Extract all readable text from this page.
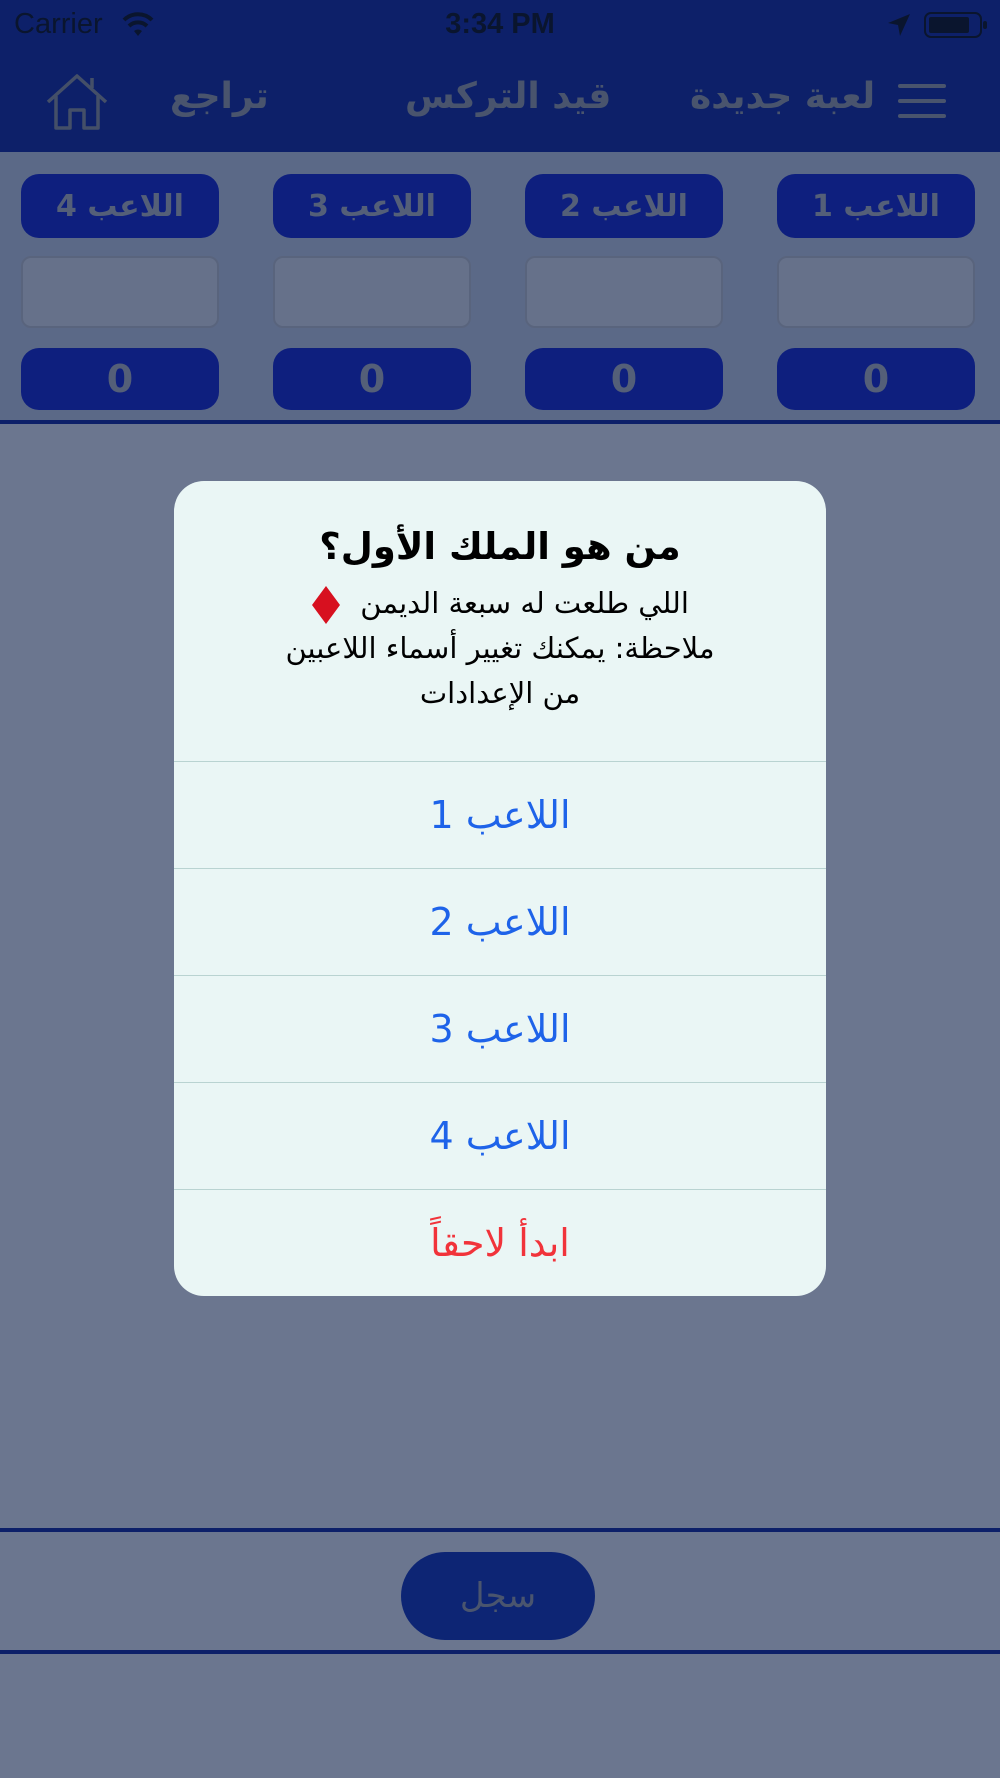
من هو الملك الأول؟
اللي طلعت له سبعة الديمن
ملاحظة: يمكنك تغيير أسماء اللاعبين
من الإعدادات
اللاعب 1
اللاعب 2
اللاعب 3
اللاعب 4
ابدأ لاحقاً
